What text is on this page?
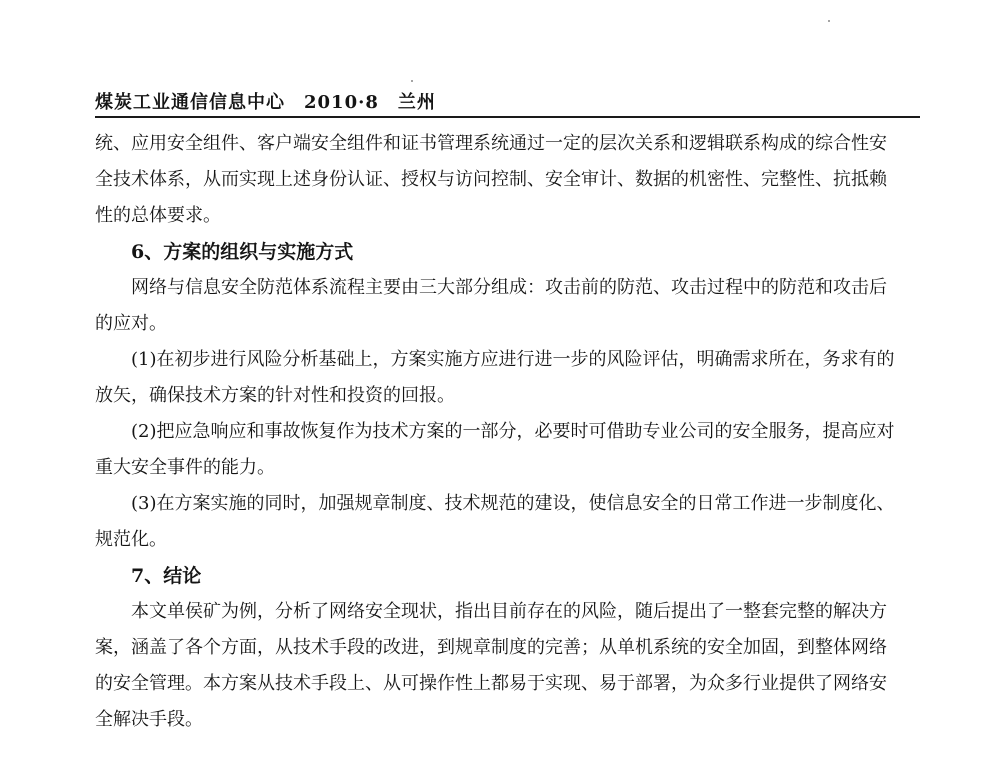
煤炭工业通信信息中心　2010·8　兰州
统、应用安全组件、客户端安全组件和证书管理系统通过一定的层次关系和逻辑联系构成的综合性安
全技术体系，从而实现上述身份认证、授权与访问控制、安全审计、数据的机密性、完整性、抗抵赖
性的总体要求。
6、方案的组织与实施方式
网络与信息安全防范体系流程主要由三大部分组成：攻击前的防范、攻击过程中的防范和攻击后
的应对。
(1)在初步进行风险分析基础上，方案实施方应进行进一步的风险评估，明确需求所在，务求有的
放矢，确保技术方案的针对性和投资的回报。
(2)把应急响应和事故恢复作为技术方案的一部分，必要时可借助专业公司的安全服务，提高应对
重大安全事件的能力。
(3)在方案实施的同时，加强规章制度、技术规范的建设，使信息安全的日常工作进一步制度化、
规范化。
7、结论
本文单侯矿为例，分析了网络安全现状，指出目前存在的风险，随后提出了一整套完整的解决方
案，涵盖了各个方面，从技术手段的改进，到规章制度的完善；从单机系统的安全加固，到整体网络
的安全管理。本方案从技术手段上、从可操作性上都易于实现、易于部署，为众多行业提供了网络安
全解决手段。
